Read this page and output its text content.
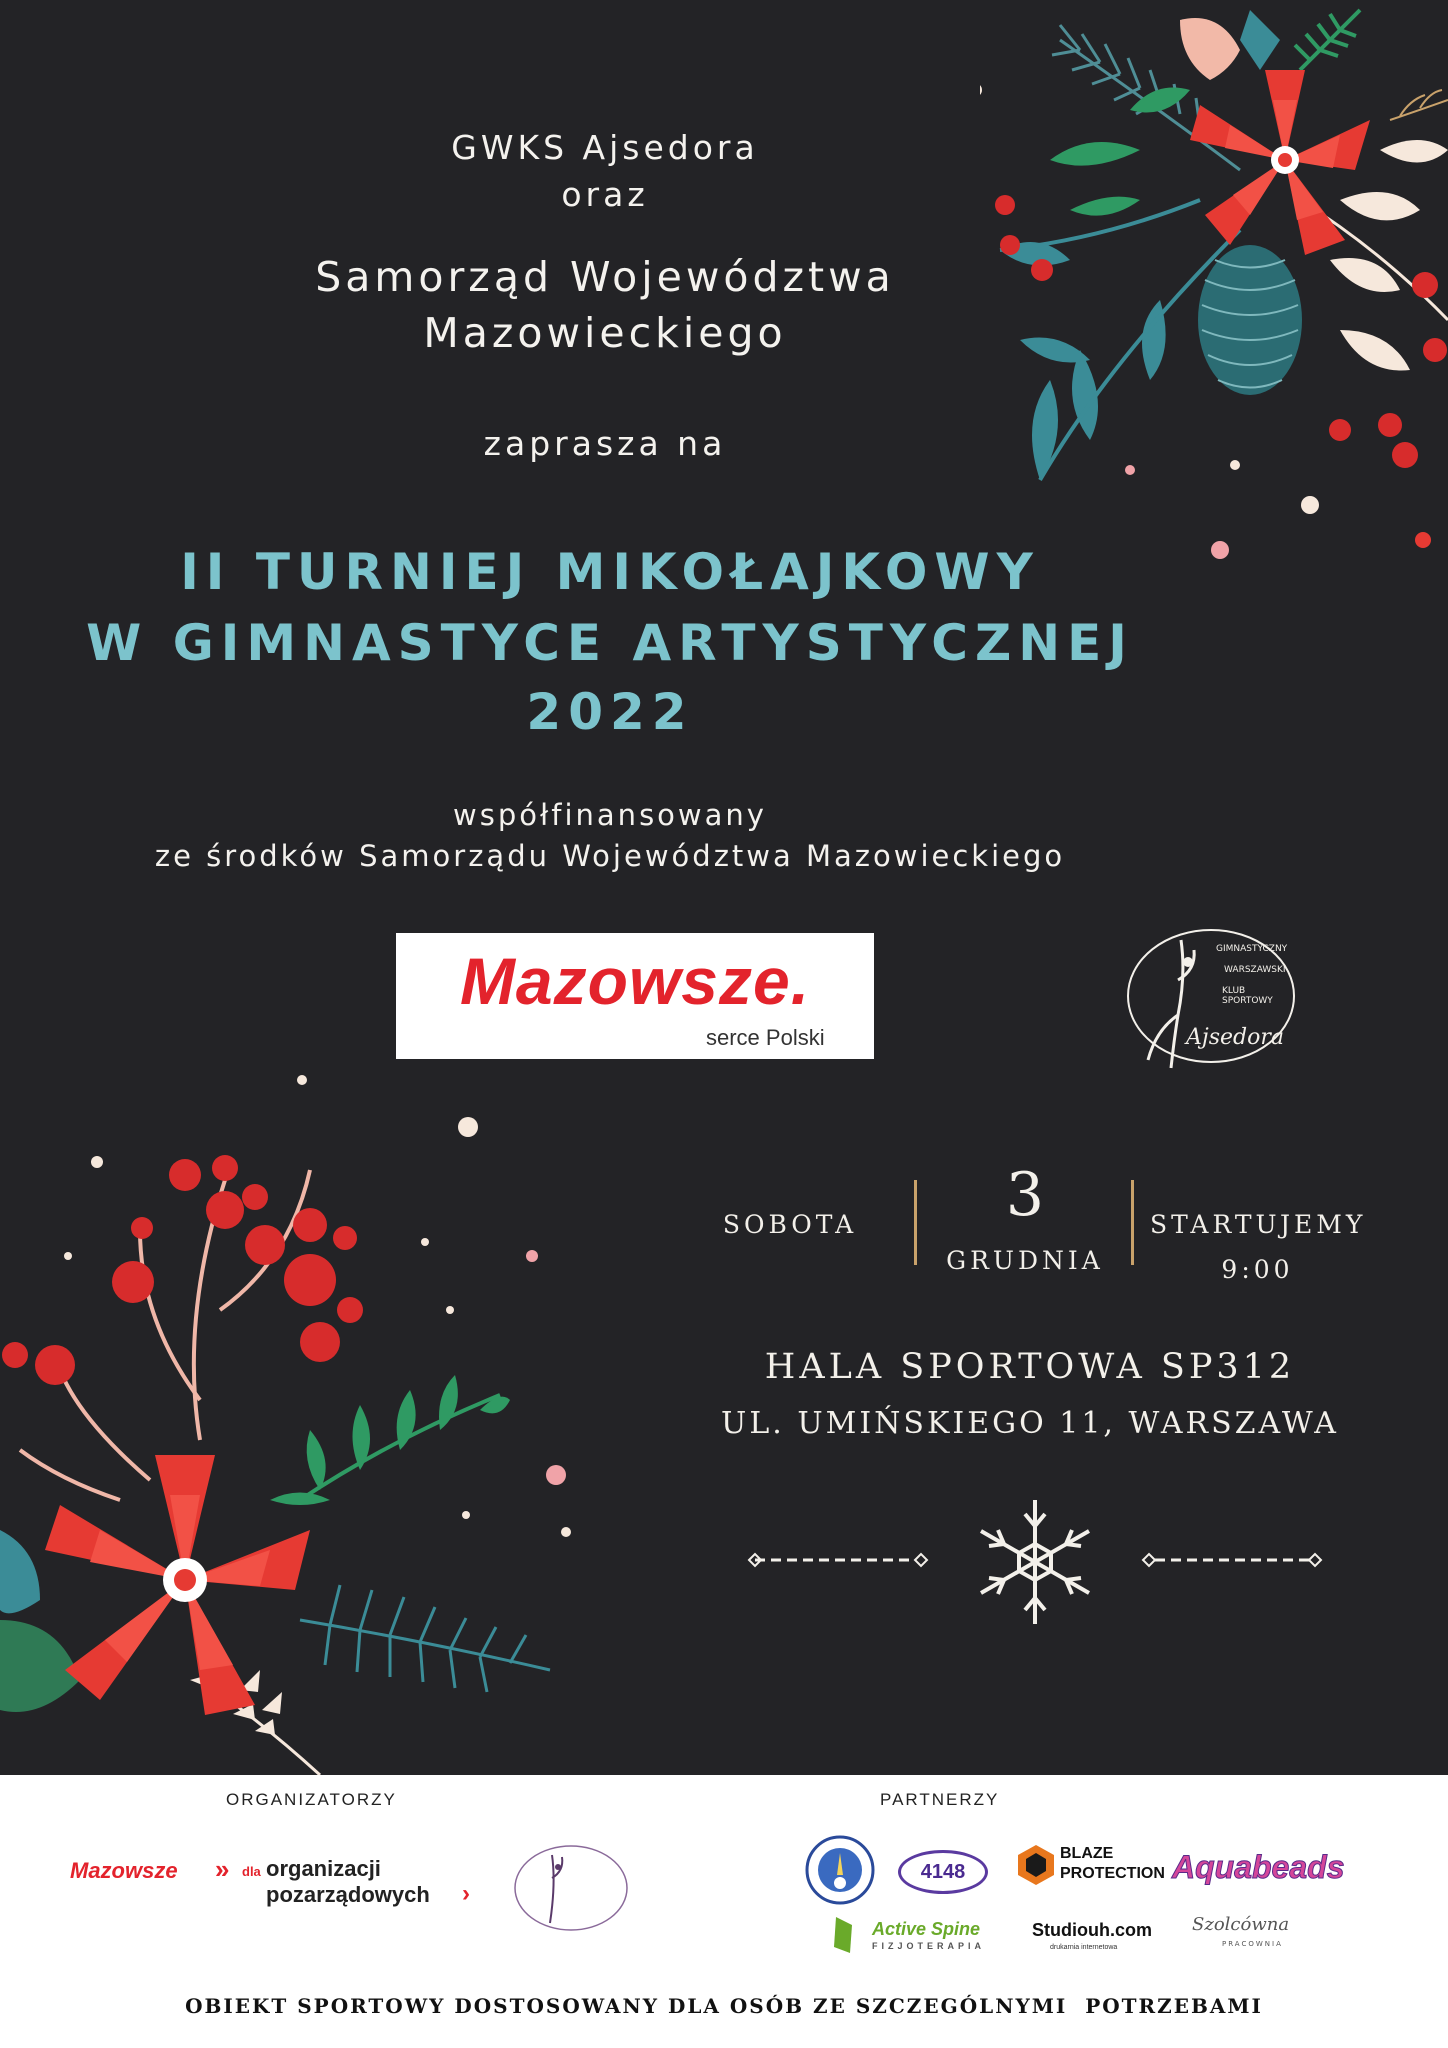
GWKS Ajsedora
oraz
Samorząd Województwa
Mazowieckiego
zaprasza na
II TURNIEJ MIKOŁAJKOWY
W GIMNASTYCE ARTYSTYCZNEJ
2022
współfinansowany
ze środków Samorządu Województwa Mazowieckiego
Mazowsze.
serce Polski
GIMNASTYCZNY
WARSZAWSKI
KLUB SPORTOWY
Ajsedora
SOBOTA	3
GRUDNIA
STARTUJEMY
9:00
HALA SPORTOWA SP312
UL. UMIŃSKIEGO 11, WARSZAWA
ORGANIZATORZY	PARTNERZY
Mazowsze » dla organizacji
pozarządowych ›
4148
BLAZE
PROTECTION Aquabeads
Active Spine
FIZJOTERAPIA
Studiouh.com
drukarnia internetowa
Szolcówna
PRACOWNIA
OBIEKT SPORTOWY DOSTOSOWANY DLA OSÓB ZE SZCZEGÓLNYMI  POTRZEBAMI
